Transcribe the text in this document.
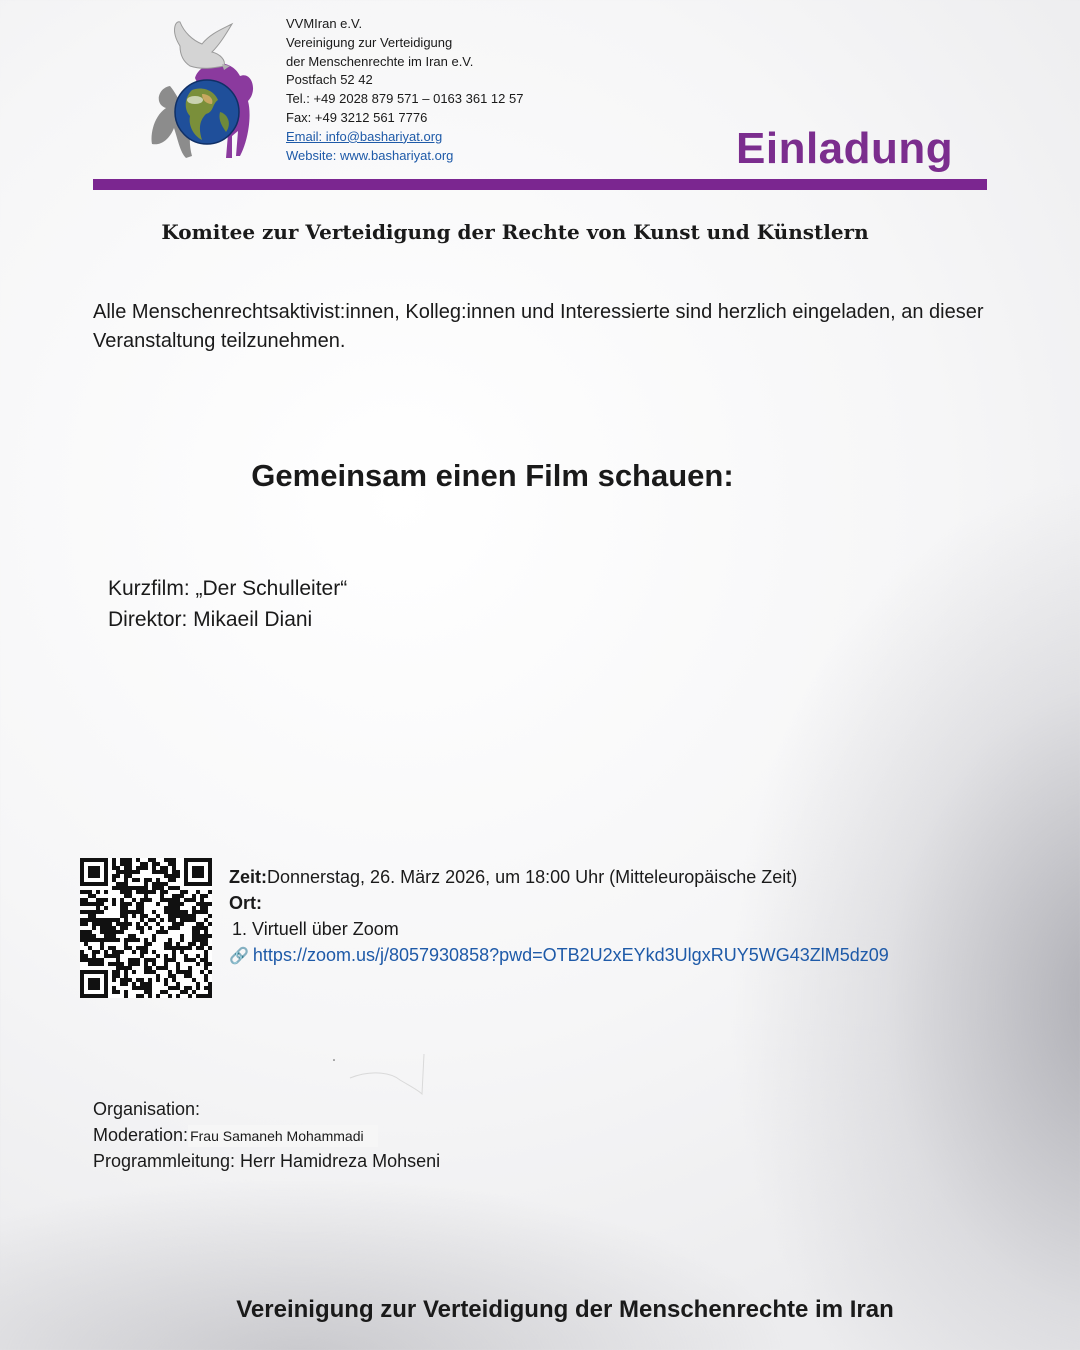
VVMIran e.V.
Vereinigung zur Verteidigung
der Menschenrechte im Iran e.V.
Postfach 52 42
Tel.: +49 2028 879 571 – 0163 361 12 57
Fax: +49 3212 561 7776
Email: info@bashariyat.org
Website: www.bashariyat.org	Einladung
Komitee zur Verteidigung der Rechte von Kunst und Künstlern
Alle Menschenrechtsaktivist:innen, Kolleg:innen und Interessierte sind herzlich eingeladen, an dieser Veranstaltung teilzunehmen.
Gemeinsam einen Film schauen:
Kurzfilm: „Der Schulleiter“
Direktor: Mikaeil Diani
Zeit:Donnerstag, 26. März 2026, um 18:00 Uhr (Mitteleuropäische Zeit)
Ort:
1. Virtuell über Zoom
🔗 https://zoom.us/j/8057930858?pwd=OTB2U2xEYkd3UlgxRUY5WG43ZlM5dz09
Organisation:
Moderation: Frau Samaneh Mohammadi
Programmleitung: Herr Hamidreza Mohseni
Vereinigung zur Verteidigung der Menschenrechte im Iran
